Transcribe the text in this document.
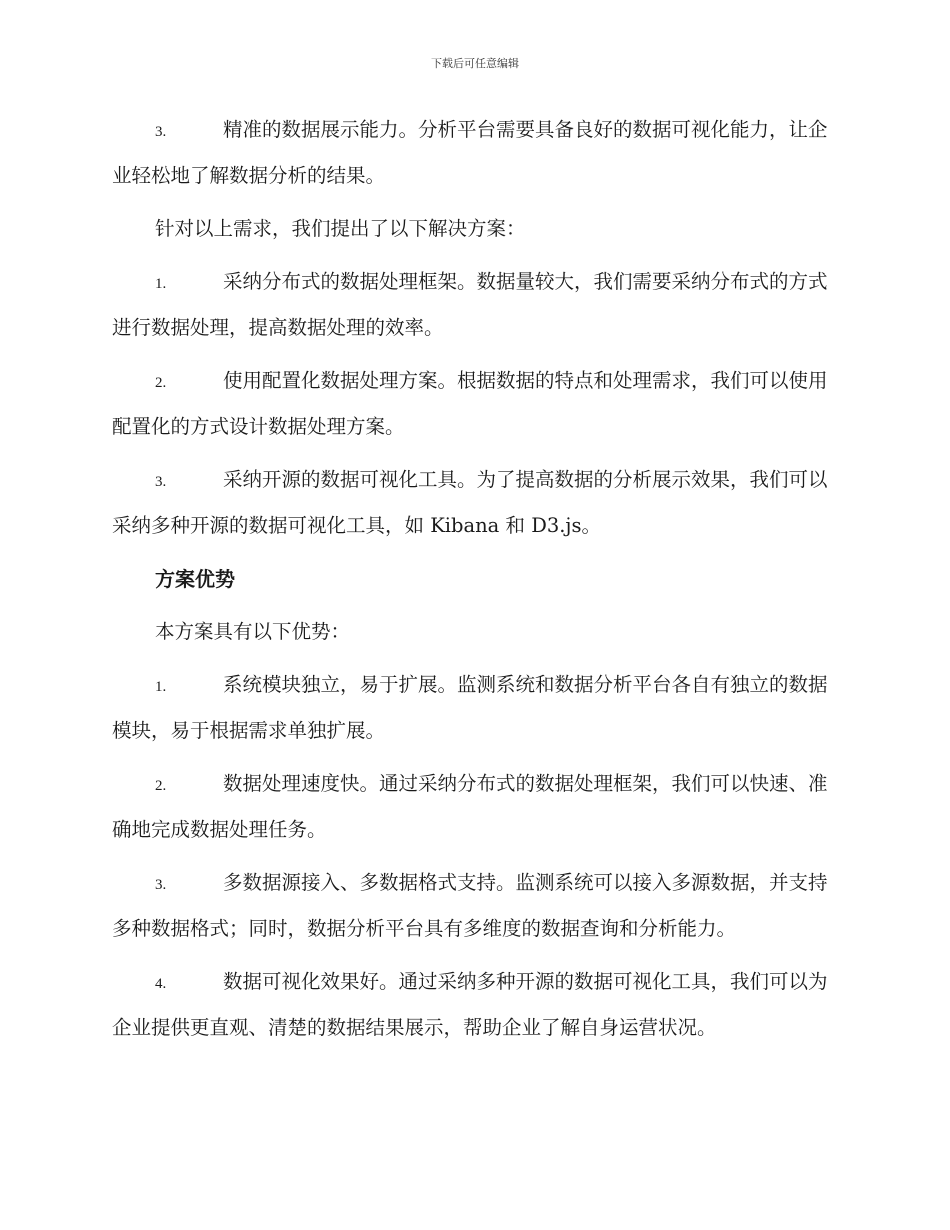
下载后可任意编辑

3.	精准的数据展示能力。分析平台需要具备良好的数据可视化能力，让企业轻松地了解数据分析的结果。

针对以上需求，我们提出了以下解决方案：

1.	采纳分布式的数据处理框架。数据量较大，我们需要采纳分布式的方式进行数据处理，提高数据处理的效率。

2.	使用配置化数据处理方案。根据数据的特点和处理需求，我们可以使用配置化的方式设计数据处理方案。

3.	采纳开源的数据可视化工具。为了提高数据的分析展示效果，我们可以采纳多种开源的数据可视化工具，如 Kibana 和 D3.js。

方案优势

本方案具有以下优势：

1.	系统模块独立，易于扩展。监测系统和数据分析平台各自有独立的数据模块，易于根据需求单独扩展。

2.	数据处理速度快。通过采纳分布式的数据处理框架，我们可以快速、准确地完成数据处理任务。

3.	多数据源接入、多数据格式支持。监测系统可以接入多源数据，并支持多种数据格式；同时，数据分析平台具有多维度的数据查询和分析能力。

4.	数据可视化效果好。通过采纳多种开源的数据可视化工具，我们可以为企业提供更直观、清楚的数据结果展示，帮助企业了解自身运营状况。
